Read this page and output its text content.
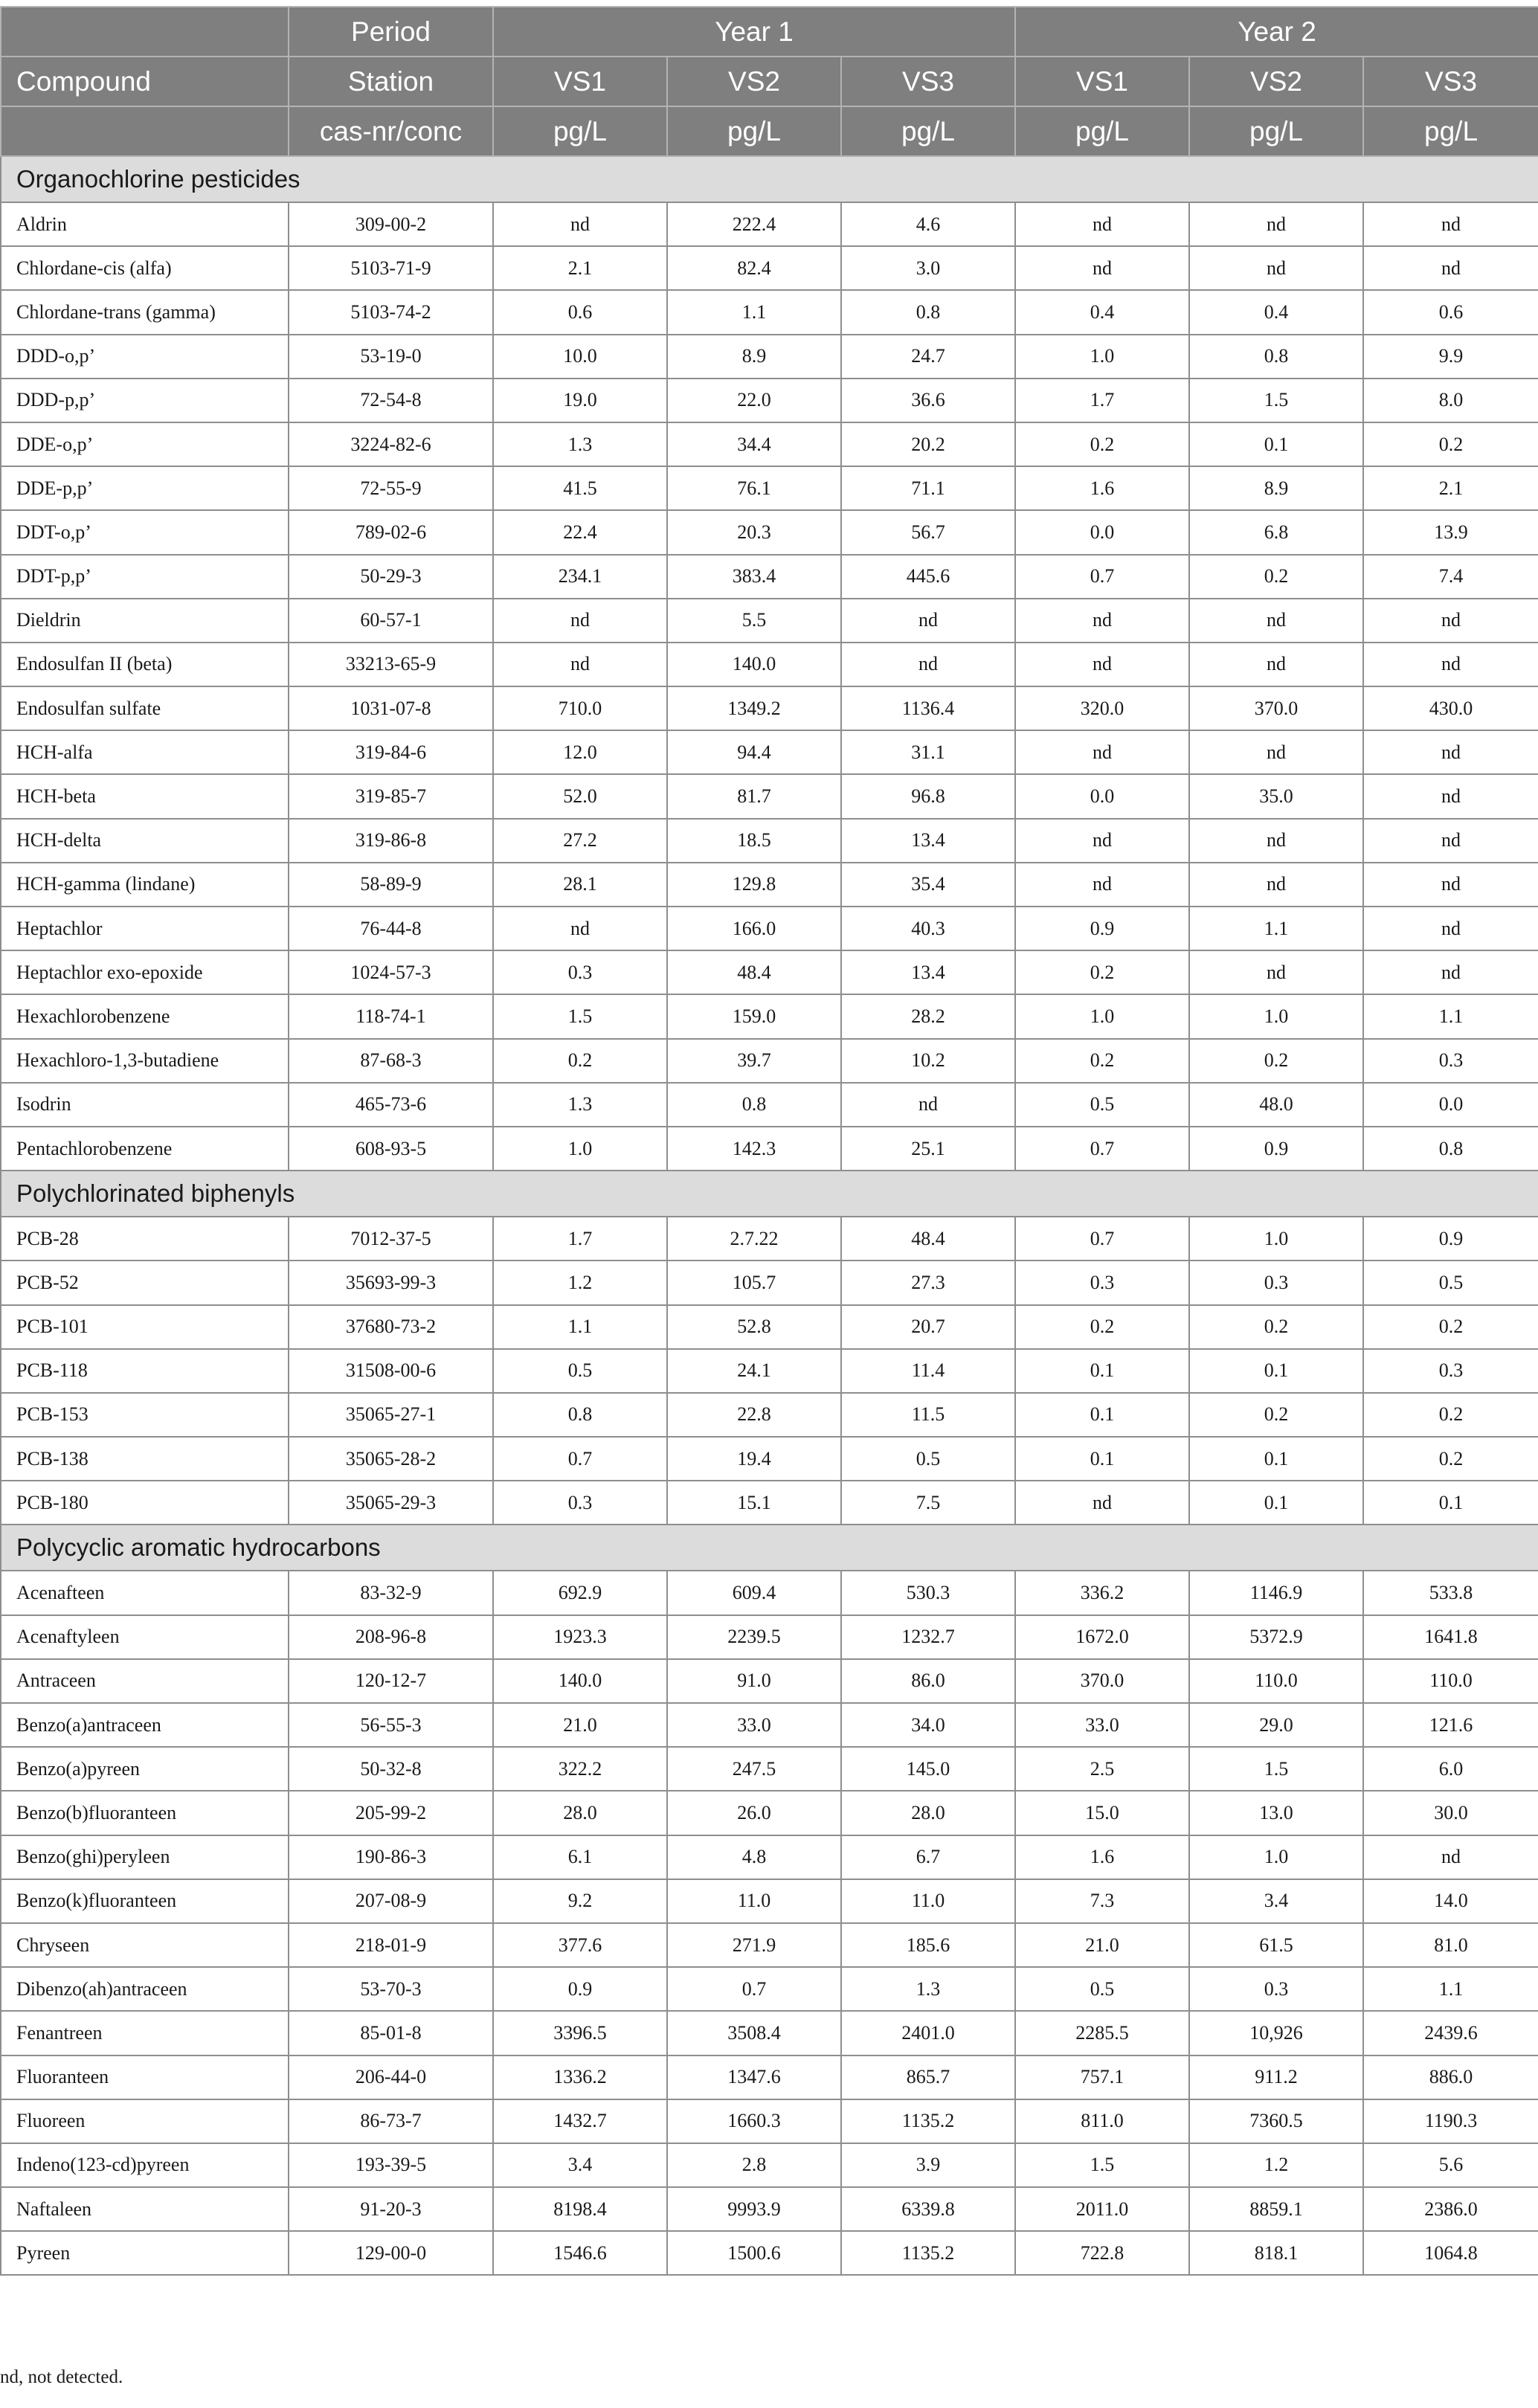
	Period	Year 1			Year 2		
Compound	Station	VS1	VS2	VS3	VS1	VS2	VS3
	cas-nr/conc	pg/L	pg/L	pg/L	pg/L	pg/L	pg/L
Organochlorine pesticides							
Aldrin	309-00-2	nd	222.4	4.6	nd	nd	nd
Chlordane-cis (alfa)	5103-71-9	2.1	82.4	3.0	nd	nd	nd
Chlordane-trans (gamma)	5103-74-2	0.6	1.1	0.8	0.4	0.4	0.6
DDD-o,p’	53-19-0	10.0	8.9	24.7	1.0	0.8	9.9
DDD-p,p’	72-54-8	19.0	22.0	36.6	1.7	1.5	8.0
DDE-o,p’	3224-82-6	1.3	34.4	20.2	0.2	0.1	0.2
DDE-p,p’	72-55-9	41.5	76.1	71.1	1.6	8.9	2.1
DDT-o,p’	789-02-6	22.4	20.3	56.7	0.0	6.8	13.9
DDT-p,p’	50-29-3	234.1	383.4	445.6	0.7	0.2	7.4
Dieldrin	60-57-1	nd	5.5	nd	nd	nd	nd
Endosulfan II (beta)	33213-65-9	nd	140.0	nd	nd	nd	nd
Endosulfan sulfate	1031-07-8	710.0	1349.2	1136.4	320.0	370.0	430.0
HCH-alfa	319-84-6	12.0	94.4	31.1	nd	nd	nd
HCH-beta	319-85-7	52.0	81.7	96.8	0.0	35.0	nd
HCH-delta	319-86-8	27.2	18.5	13.4	nd	nd	nd
HCH-gamma (lindane)	58-89-9	28.1	129.8	35.4	nd	nd	nd
Heptachlor	76-44-8	nd	166.0	40.3	0.9	1.1	nd
Heptachlor exo-epoxide	1024-57-3	0.3	48.4	13.4	0.2	nd	nd
Hexachlorobenzene	118-74-1	1.5	159.0	28.2	1.0	1.0	1.1
Hexachloro-1,3-butadiene	87-68-3	0.2	39.7	10.2	0.2	0.2	0.3
Isodrin	465-73-6	1.3	0.8	nd	0.5	48.0	0.0
Pentachlorobenzene	608-93-5	1.0	142.3	25.1	0.7	0.9	0.8
Polychlorinated biphenyls							
PCB-28	7012-37-5	1.7	2.7.22	48.4	0.7	1.0	0.9
PCB-52	35693-99-3	1.2	105.7	27.3	0.3	0.3	0.5
PCB-101	37680-73-2	1.1	52.8	20.7	0.2	0.2	0.2
PCB-118	31508-00-6	0.5	24.1	11.4	0.1	0.1	0.3
PCB-153	35065-27-1	0.8	22.8	11.5	0.1	0.2	0.2
PCB-138	35065-28-2	0.7	19.4	0.5	0.1	0.1	0.2
PCB-180	35065-29-3	0.3	15.1	7.5	nd	0.1	0.1
Polycyclic aromatic hydrocarbons							
Acenafteen	83-32-9	692.9	609.4	530.3	336.2	1146.9	533.8
Acenaftyleen	208-96-8	1923.3	2239.5	1232.7	1672.0	5372.9	1641.8
Antraceen	120-12-7	140.0	91.0	86.0	370.0	110.0	110.0
Benzo(a)antraceen	56-55-3	21.0	33.0	34.0	33.0	29.0	121.6
Benzo(a)pyreen	50-32-8	322.2	247.5	145.0	2.5	1.5	6.0
Benzo(b)fluoranteen	205-99-2	28.0	26.0	28.0	15.0	13.0	30.0
Benzo(ghi)peryleen	190-86-3	6.1	4.8	6.7	1.6	1.0	nd
Benzo(k)fluoranteen	207-08-9	9.2	11.0	11.0	7.3	3.4	14.0
Chryseen	218-01-9	377.6	271.9	185.6	21.0	61.5	81.0
Dibenzo(ah)antraceen	53-70-3	0.9	0.7	1.3	0.5	0.3	1.1
Fenantreen	85-01-8	3396.5	3508.4	2401.0	2285.5	10,926	2439.6
Fluoranteen	206-44-0	1336.2	1347.6	865.7	757.1	911.2	886.0
Fluoreen	86-73-7	1432.7	1660.3	1135.2	811.0	7360.5	1190.3
Indeno(123-cd)pyreen	193-39-5	3.4	2.8	3.9	1.5	1.2	5.6
Naftaleen	91-20-3	8198.4	9993.9	6339.8	2011.0	8859.1	2386.0
Pyreen	129-00-0	1546.6	1500.6	1135.2	722.8	818.1	1064.8
nd, not detected.
